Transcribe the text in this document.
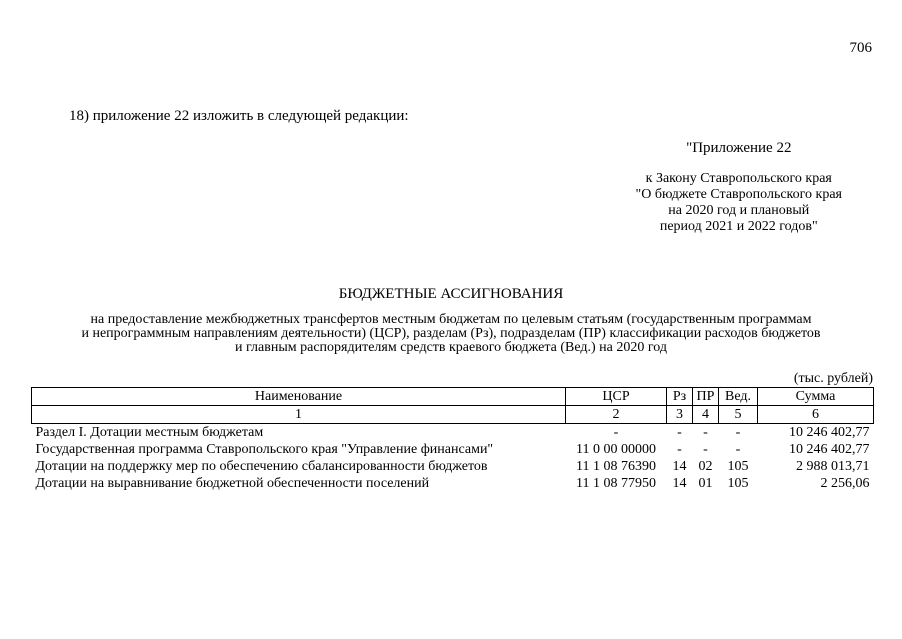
706
18) приложение 22 изложить в следующей редакции:
"Приложение 22
к Закону Ставропольского края
"О бюджете Ставропольского края
на 2020 год и плановый
период 2021 и 2022 годов"
БЮДЖЕТНЫЕ АССИГНОВАНИЯ
на предоставление межбюджетных трансфертов местным бюджетам по целевым статьям (государственным программам
и непрограммным направлениям деятельности) (ЦСР), разделам (Рз), подразделам (ПР) классификации расходов бюджетов
и главным распорядителям средств краевого бюджета (Вед.) на 2020 год
(тыс. рублей)
Наименование	ЦСР	Рз	ПР	Вед.	Сумма
1	2	3	4	5	6
Раздел I. Дотации местным бюджетам	-	-	-	-	10 246 402,77
Государственная программа Ставропольского края "Управление финансами"	11 0 00 00000	-	-	-	10 246 402,77
Дотации на поддержку мер по обеспечению сбалансированности бюджетов	11 1 08 76390	14	02	105	2 988 013,71
Дотации на выравнивание бюджетной обеспеченности поселений	11 1 08 77950	14	01	105	2 256,06
